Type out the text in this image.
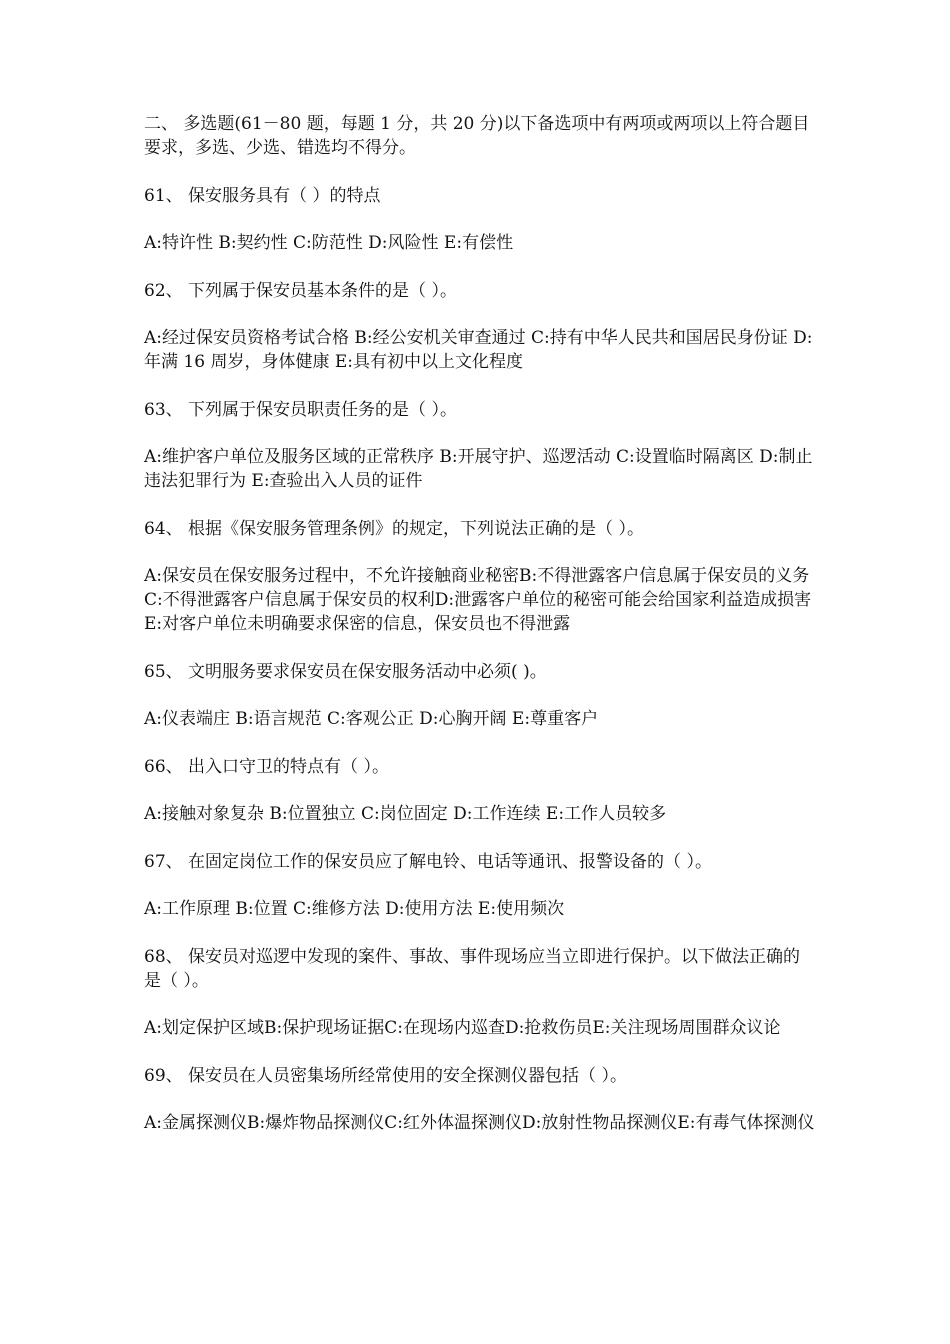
二、 多选题(61－80 题，每题 1 分，共 20 分)以下备选项中有两项或两项以上符合题目要求，多选、少选、错选均不得分。

61、 保安服务具有（ ）的特点

A:特许性 B:契约性 C:防范性 D:风险性 E:有偿性

62、 下列属于保安员基本条件的是（ ）。

A:经过保安员资格考试合格 B:经公安机关审查通过 C:持有中华人民共和国居民身份证 D:年满 16 周岁，身体健康 E:具有初中以上文化程度

63、 下列属于保安员职责任务的是（ ）。

A:维护客户单位及服务区域的正常秩序 B:开展守护、巡逻活动 C:设置临时隔离区 D:制止违法犯罪行为 E:查验出入人员的证件

64、 根据《保安服务管理条例》的规定，下列说法正确的是（ ）。

A:保安员在保安服务过程中，不允许接触商业秘密B:不得泄露客户信息属于保安员的义务 C:不得泄露客户信息属于保安员的权利D:泄露客户单位的秘密可能会给国家利益造成损害E:对客户单位未明确要求保密的信息，保安员也不得泄露

65、 文明服务要求保安员在保安服务活动中必须( )。

A:仪表端庄 B:语言规范 C:客观公正 D:心胸开阔 E:尊重客户

66、 出入口守卫的特点有（ ）。

A:接触对象复杂 B:位置独立 C:岗位固定 D:工作连续 E:工作人员较多

67、 在固定岗位工作的保安员应了解电铃、电话等通讯、报警设备的（ ）。

A:工作原理 B:位置 C:维修方法 D:使用方法 E:使用频次

68、 保安员对巡逻中发现的案件、事故、事件现场应当立即进行保护。以下做法正确的是（ ）。

A:划定保护区域B:保护现场证据C:在现场内巡查D:抢救伤员E:关注现场周围群众议论

69、 保安员在人员密集场所经常使用的安全探测仪器包括（ ）。

A:金属探测仪B:爆炸物品探测仪C:红外体温探测仪D:放射性物品探测仪E:有毒气体探测仪
